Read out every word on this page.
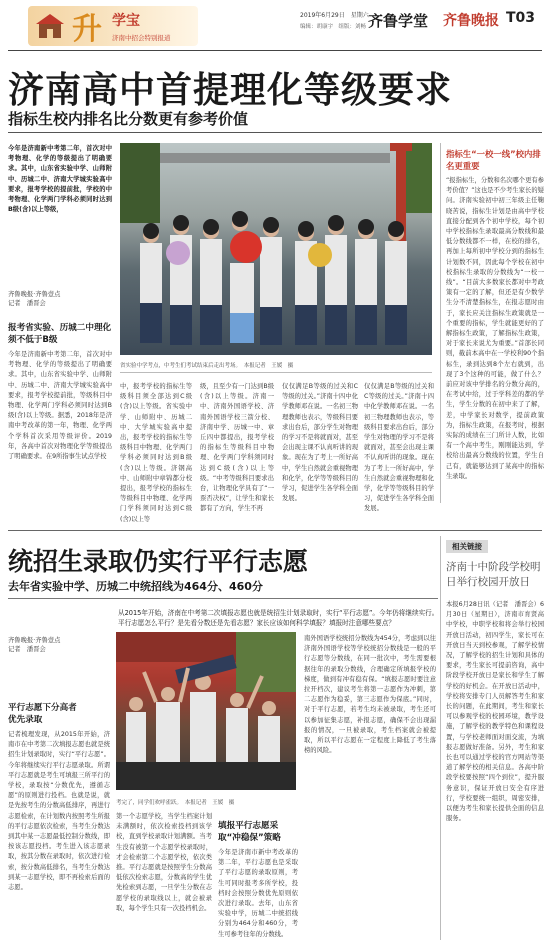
升 学宝
济南中招会特别报道
2019年6月29日　星期六
编辑：胡康宇　组版：刘畅 齐鲁学堂 齐鲁晚报 T03
济南高中首提理化等级要求
指标生校内排名比分数更有参考价值
今年是济南新中考第二年，首次对中考物理、化学的等级提出了明确要求。其中，山东省实验中学、山师附中、历城二中、济南大学城实验高中要求，报考学校的提前批，学校的中考物理、化学两门学科必须同时达到B级(含)以上等级，
齐鲁晚报·齐鲁壹点
记者　潘晋会
报考省实验、历城二中理化须不低于B级
今年是济南新中考第二年，首次对中考物理、化学的等级提出了明确要求。其中，山东省实验中学、山师附中、历城二中、济南大学城实验高中要求，报考学校提前批，等级科目中物理、化学两门学科必须同时达到B级(含)以上等级。据悉，2018年是济南中考改革的第一年，物理、化学两个学科首次采用等级评价。2019年，各高中首次对物理化学等级提出了明确要求。在9所指事生试点学校
省实验中学考点，中考生们考试结束后走出考场。　本报记者　王媛　摄
中，报考学校的指标生等级科目须全部达到C级(含)以上等级。省实验中学、山师附中、历城二中、大学城实验高中提出，报考学校的指标生等级科目中物理、化学两门学科必须同时达到B级(含)以上等级。济钢高中、山师附中章锦都分校提出，报考学校的指标生等级科目中物理、化学两门学科须同时达到C级(含)以上等
级，且至少有一门达到B级(含)以上等级。济南一中、济南外国语学校、济南外国语学校三箭分校、济南中学、历城一中、章丘四中都提出，报考学校的指标生等级科目中物理、化学两门学科须同时达到C级(含)以上等级。“中考等级科目要求出台，让物理化学具有了“一票否决权”，让学生和家长都有了方向，学生不再
仅仅满足B等级的过关和C等级的过关。”济南十四中化学教师邓在说。一名初三物理教师也表示，等级科目要求出台后，部分学生对物理的学习不是将就面对，甚至会出现主课不认真听讲的现象。现在为了考上一所好高中，学生自然就会重视物理和化学，化学等等级科目的学习，促进学生各学科全面发展。
仅仅满足B等级的过关和C等级的过关。”济南十四中化学教师邓在说。一名初三物理教师也表示，等级科目要求出台后，部分学生对物理的学习不是将就面对，甚至会出现主课不认真听讲的现象。现在为了考上一所好高中，学生自然就会重视物理和化学，化学等等级科目的学习，促进学生各学科全面发展。
指标生“一校一线”校内排名更重要
“报指标生，分数和名次哪个更有参考价值？”这也是不少考生家长的疑问。济南实验初中初三年级主任鞠晓苦说，指标生计划是由高中学校直接分配到各个初中学校，每个初中学校指标生录取最高分数线和最低分数线都不一样，在校的排名，再加上每所初中学校分到的指标生计划数不同，因此每个学校在初中校指标生录取的分数线为“一校一线”。“目前大多数家长都对中考政策有一定的了解，但还是有少数学生分不清楚指标生，在报志愿时由于，家长应关注指标生政策就是一个重要的指标，学生就能更好的了解指标生政策，了解指标生政策，对于家长来说尤为重要。”首部长同则，截前本高中在一学校利90个指标生，录到达到8个左右就到，出现了3个这种的可能，做了什么？前应对该中学排名的分数分高的，在考试中给，过于学科差的都的学生，学生分数的在初中来了了解，差，中学家长对数学，提前政策为，指标生政策，在报考时，根据实际的成绩在三门所计人数，比如有一个高中考生，刚刚能达到，学校给出最高分数线的位置，学生自己有，就能够达到了某高中的指标生录取。
统招生录取仍实行平行志愿
去年省实验中学、历城二中统招线为464分、460分
从2015年开始，济南在中考第二次填报志愿也就是统招生计划录取时，实行“平行志愿”。今年仍将继续实行。平行志愿怎么平行？是先看分数还是先看志愿？家长应该如何科学填报？填报时注意哪些要点？
齐鲁晚报·齐鲁壹点
记者　潘晋会
平行志愿下分高者优先录取
记者梳理发现，从2015年开始，济南市在中考第二次填报志愿也就是统招生计划录取时，实行“平行志愿”。今年将继续实行平行志愿录取。所谓平行志愿就是考生可填报三所平行的学校，录取按“分数优先，遵循志愿”的原则进行投档。也就是说，就是先按考生的分数高低排序，再进行志愿检索，在计划数内按照考生所报的平行志愿依次检索，当考生分数达到其中某一志愿最低控制分数线，即按该志愿投档。考生进入该志愿录取，按其分数在录取时，依次进行检索，按分数高低排名，当考生分数达到某一志愿学校，即不再检索后面的志愿。
考完了，同学们欢呼雀跃。　本报记者　王媛　摄
第一个志愿学校，当学生档案计划未满额时，依次检索投档到该学校，直到学校录取计划满额。当考生没有被第一个志愿学校录取时，才会检索第二个志愿学校，依次类推。平行志愿就是按照学生分数高低依次检索志愿，分数高的学生优先检索到志愿，一旦学生分数在志愿学校的录取线以上，就会被录取，每个学生只有一次投档机会。
填报平行志愿采取“冲稳保”策略
今年是济南市新中考改革的第二年，平行志愿也是采取了平行志愿的录取原则，考生可同时报考多所学校，投档时会按照分数优先原则依次进行录取。去年，山东省实验中学，历城二中统招线分别为464分和460分，考生可参考往年的分数线。
南外国语学校统招分数线为454分，考虑到以往济南外国语学校等学校统招分数线是一般的平行志愿等分数线，在同一批次中，考生需要根据往年的录取分数线，合理确定所填报学校的梯度，做到有冲有稳有保。“填报志愿时要注意拉开档次，建议考生将第一志愿作为冲刺，第二志愿作为稳妥，第三志愿作为保底。”同时，对于平行志愿，若考生均未被录取，考生还可以参加征集志愿，补报志愿，确保不会出现漏报的情况，一旦被录取，考生档案就会被提取，所以平行志愿在一定程度上降低了考生落榜的风险。
相关链接
济南十中阶段学校明日举行校园开放日
本报6月28日讯（记者　潘晋会）6月30日（星期日），济南市育贤高中学校，中职学校和将会举行校园开放日活动，初四学生，家长可在开放日当天到校参观，了解学校情况，了解学校的招生计划和具体的要求，考生家长可提前咨询，高中阶段学校开放日是家长和学生了解学校的好机会。在开放日活动中，学校将安排专门人员解答考生和家长的问题，在此期间，考生和家长可以参观学校的校园环境，教学设施，了解学校的教学特色和课程设置，与学校老师面对面交流，为填报志愿做好准备。另外，考生和家长也可以通过学校的官方网站等渠道了解学校的相关信息。各高中阶段学校要按照“四个到位”，提升服务意识，保证开放日安全有序进行，学校要统一组织，周密安排，以便为考生和家长提供全面的信息服务。
